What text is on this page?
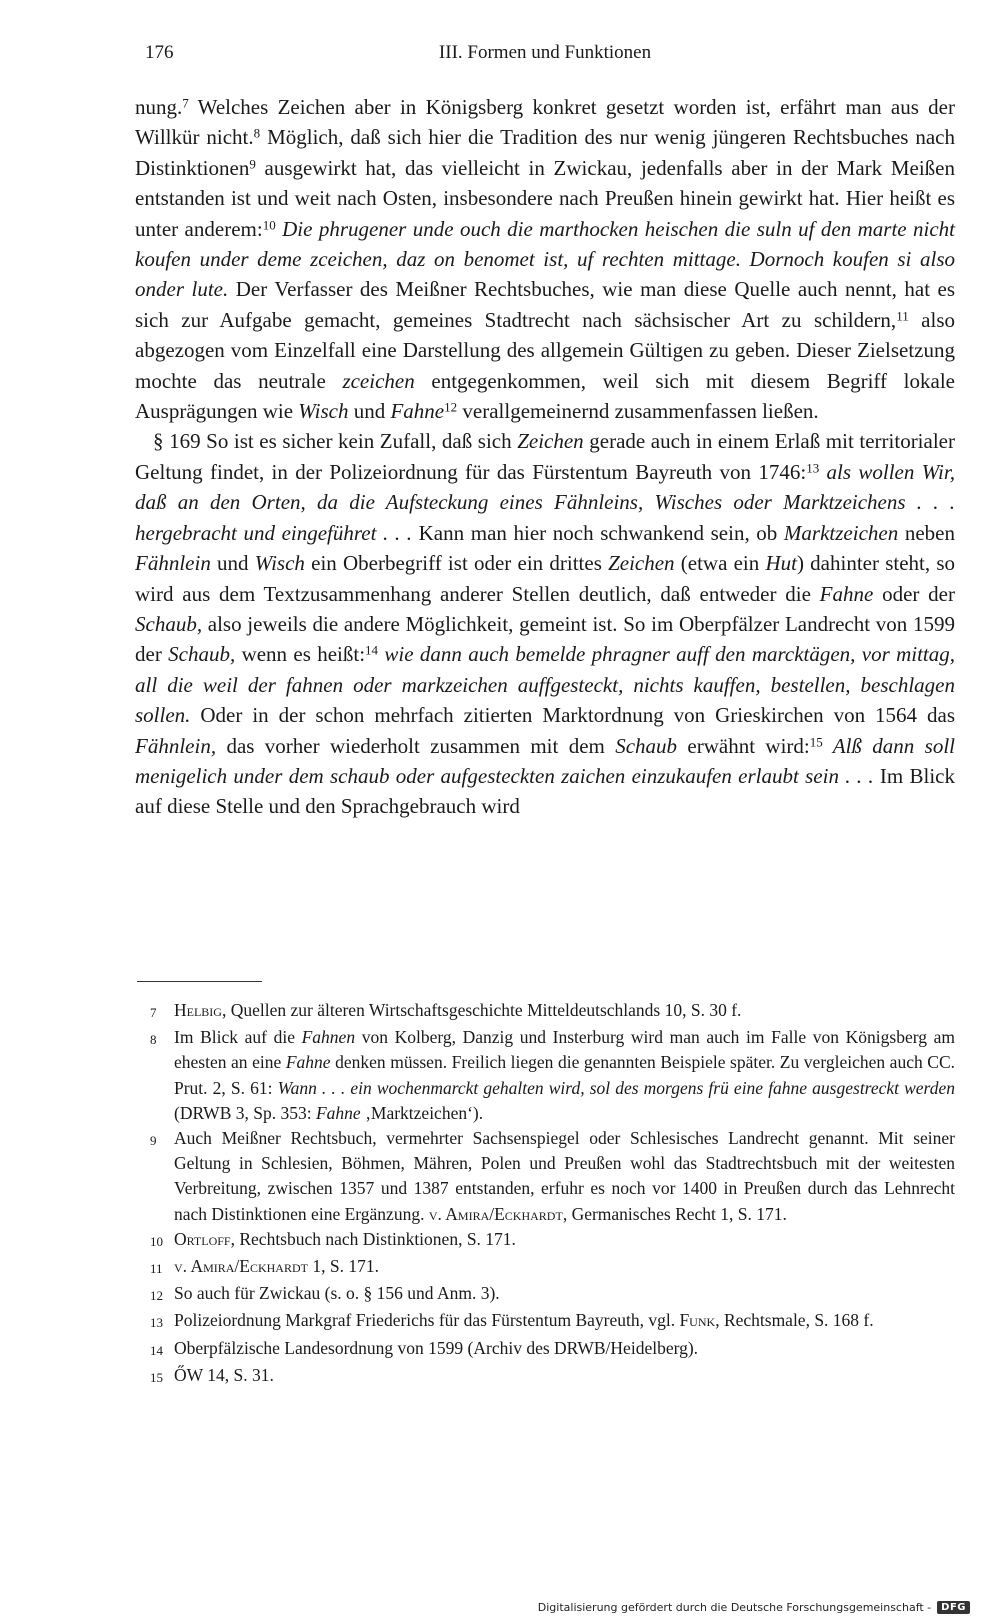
176	III. Formen und Funktionen

nung.$^7$ Welches Zeichen aber in Königsberg konkret gesetzt worden ist, erfährt man aus der Willkür nicht.$^8$ Möglich, daß sich hier die Tradition des nur wenig jüngeren Rechtsbuches nach Distinktionen$^9$ ausgewirkt hat, das vielleicht in Zwickau, jedenfalls aber in der Mark Meißen entstanden ist und weit nach Osten, insbesondere nach Preußen hinein gewirkt hat. Hier heißt es unter anderem:$^{10}$ Die phrugener unde ouch die marthocken heischen die suln uf den marte nicht koufen under deme zceichen, daz on benomet ist, uf rechten mittage. Dornoch koufen si also onder lute. Der Verfasser des Meißner Rechtsbuches, wie man diese Quelle auch nennt, hat es sich zur Aufgabe gemacht, gemeines Stadtrecht nach sächsischer Art zu schildern,$^{11}$ also abgezogen vom Einzelfall eine Darstellung des allgemein Gültigen zu geben. Dieser Zielsetzung mochte das neutrale zceichen entgegenkommen, weil sich mit diesem Begriff lokale Ausprägungen wie Wisch und Fahne$^{12}$ verallgemeinernd zusammenfassen ließen.

§ 169 So ist es sicher kein Zufall, daß sich Zeichen gerade auch in einem Erlaß mit territorialer Geltung findet, in der Polizeiordnung für das Fürstentum Bayreuth von 1746:$^{13}$ als wollen Wir, daß an den Orten, da die Aufsteckung eines Fähnleins, Wisches oder Marktzeichens . . . hergebracht und eingeführet . . . Kann man hier noch schwankend sein, ob Marktzeichen neben Fähnlein und Wisch ein Oberbegriff ist oder ein drittes Zeichen (etwa ein Hut) dahinter steht, so wird aus dem Textzusammenhang anderer Stellen deutlich, daß entweder die Fahne oder der Schaub, also jeweils die andere Möglichkeit, gemeint ist. So im Oberpfälzer Landrecht von 1599 der Schaub, wenn es heißt:$^{14}$ wie dann auch bemelde phragner auff den marcktägen, vor mittag, all die weil der fahnen oder markzeichen auffgesteckt, nichts kauffen, bestellen, beschlagen sollen. Oder in der schon mehrfach zitierten Marktordnung von Grieskirchen von 1564 das Fähnlein, das vorher wiederholt zusammen mit dem Schaub erwähnt wird:$^{15}$ Alß dann soll menigelich under dem schaub oder aufgesteckten zaichen einzukaufen erlaubt sein . . . Im Blick auf diese Stelle und den Sprachgebrauch wird

7	Helbig, Quellen zur älteren Wirtschaftsgeschichte Mitteldeutschlands 10, S. 30 f.
8	Im Blick auf die Fahnen von Kolberg, Danzig und Insterburg wird man auch im Falle von Königsberg am ehesten an eine Fahne denken müssen. Freilich liegen die genannten Beispiele später. Zu vergleichen auch CC. Prut. 2, S. 61: Wann . . . ein wochenmarckt gehalten wird, sol des morgens frü eine fahne ausgestreckt werden (DRWB 3, Sp. 353: Fahne ‚Marktzeichen‘).
9	Auch Meißner Rechtsbuch, vermehrter Sachsenspiegel oder Schlesisches Landrecht genannt. Mit seiner Geltung in Schlesien, Böhmen, Mähren, Polen und Preußen wohl das Stadtrechtsbuch mit der weitesten Verbreitung, zwischen 1357 und 1387 entstanden, erfuhr es noch vor 1400 in Preußen durch das Lehnrecht nach Distinktionen eine Ergänzung. v. Amira/Eckhardt, Germanisches Recht 1, S. 171.
10 Ortloff, Rechtsbuch nach Distinktionen, S. 171.
11 v. Amira/Eckhardt 1, S. 171.
12 So auch für Zwickau (s. o. § 156 und Anm. 3).
13 Polizeiordnung Markgraf Friederichs für das Fürstentum Bayreuth, vgl. Funk, Rechtsmale, S. 168 f.
14 Oberpfälzische Landesordnung von 1599 (Archiv des DRWB/Heidelberg).
15 ŐW 14, S. 31.
Digitalisierung gefördert durch die Deutsche Forschungsgemeinschaft -	DFG
